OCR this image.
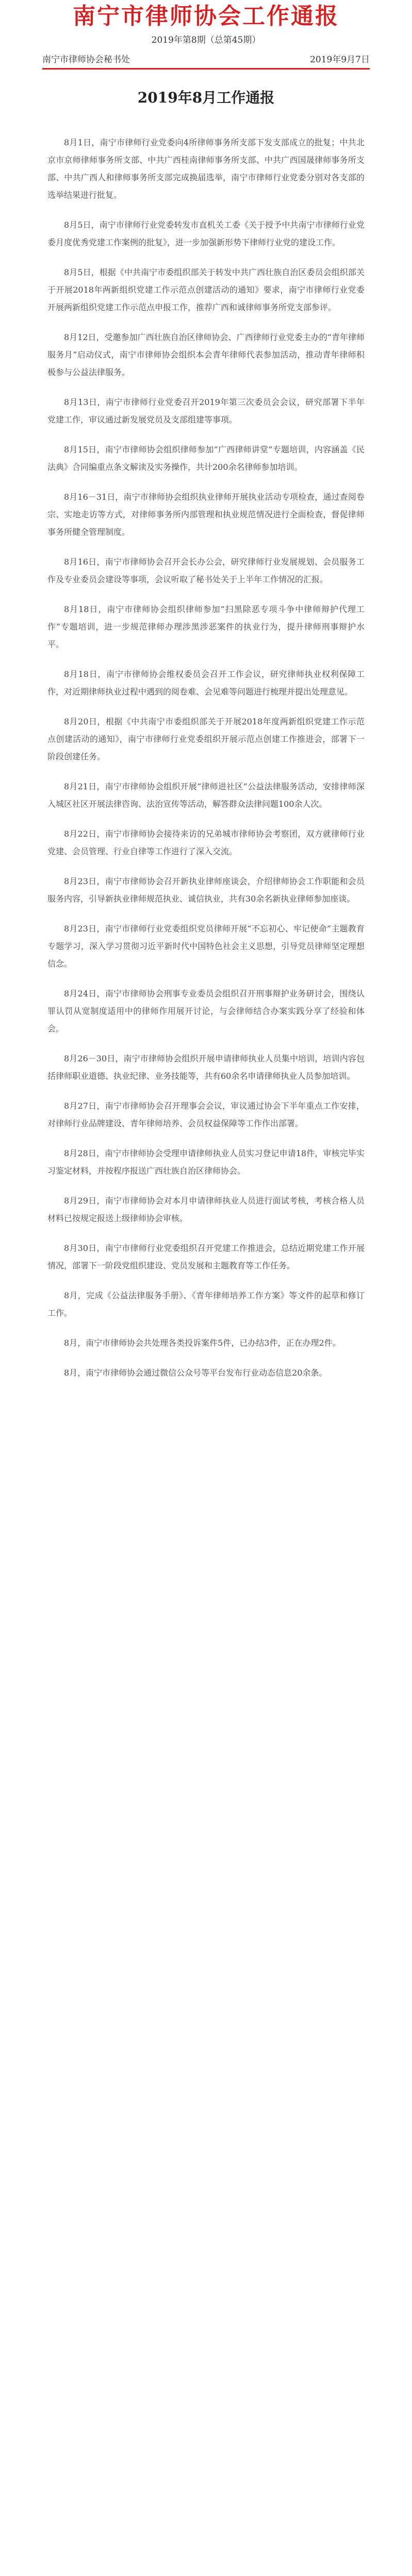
南宁市律师协会工作通报
2019年第8期（总第45期）
南宁市律师协会秘书处	2019年9月7日
2019年8月工作通报

8月1日，南宁市律师行业党委向4所律师事务所支部下发支部成立的批复；中共北京市京师律师事务所支部、中共广西桂南律师事务所支部、中共广西国晟律师事务所支部、中共广西人和律师事务所支部完成换届选举，南宁市律师行业党委分别对各支部的选举结果进行批复。

8月5日，南宁市律师行业党委转发市直机关工委《关于授予中共南宁市律师行业党委月度优秀党建工作案例的批复》，进一步加强新形势下律师行业党的建设工作。

8月5日，根据《中共南宁市委组织部关于转发中共广西壮族自治区委员会组织部关于开展2018年两新组织党建工作示范点创建活动的通知》要求，南宁市律师行业党委开展两新组织党建工作示范点申报工作，推荐广西和诚律师事务所党支部参评。

8月12日，受邀参加广西壮族自治区律师协会、广西律师行业党委主办的“青年律师服务月”启动仪式，南宁市律师协会组织本会青年律师代表参加活动，推动青年律师积极参与公益法律服务。

8月13日，南宁市律师行业党委召开2019年第三次委员会会议，研究部署下半年党建工作，审议通过新发展党员及支部组建等事项。

8月15日，南宁市律师协会组织律师参加“广西律师讲堂”专题培训，内容涵盖《民法典》合同编重点条文解读及实务操作，共计200余名律师参加培训。

8月16－31日，南宁市律师协会组织执业律师开展执业活动专项检查，通过查阅卷宗、实地走访等方式，对律师事务所内部管理和执业规范情况进行全面检查，督促律师事务所健全管理制度。

8月16日，南宁市律师协会召开会长办公会，研究律师行业发展规划、会员服务工作及专业委员会建设等事项，会议听取了秘书处关于上半年工作情况的汇报。

8月18日，南宁市律师协会组织律师参加“扫黑除恶专项斗争中律师辩护代理工作”专题培训，进一步规范律师办理涉黑涉恶案件的执业行为，提升律师刑事辩护水平。

8月18日，南宁市律师协会维权委员会召开工作会议，研究律师执业权利保障工作，对近期律师执业过程中遇到的阅卷难、会见难等问题进行梳理并提出处理意见。

8月20日，根据《中共南宁市委组织部关于开展2018年度两新组织党建工作示范点创建活动的通知》，南宁市律师行业党委组织开展示范点创建工作推进会，部署下一阶段创建任务。

8月21日，南宁市律师协会组织开展“律师进社区”公益法律服务活动，安排律师深入城区社区开展法律咨询、法治宣传等活动，解答群众法律问题100余人次。

8月22日，南宁市律师协会接待来访的兄弟城市律师协会考察团，双方就律师行业党建、会员管理、行业自律等工作进行了深入交流。

8月23日，南宁市律师协会召开新执业律师座谈会，介绍律师协会工作职能和会员服务内容，引导新执业律师规范执业、诚信执业，共有30余名新执业律师参加座谈。

8月23日，南宁市律师行业党委组织党员律师开展“不忘初心、牢记使命”主题教育专题学习，深入学习贯彻习近平新时代中国特色社会主义思想，引导党员律师坚定理想信念。

8月24日，南宁市律师协会刑事专业委员会组织召开刑事辩护业务研讨会，围绕认罪认罚从宽制度适用中的律师作用展开讨论，与会律师结合办案实践分享了经验和体会。

8月26－30日，南宁市律师协会组织开展申请律师执业人员集中培训，培训内容包括律师职业道德、执业纪律、业务技能等，共有60余名申请律师执业人员参加培训。

8月27日，南宁市律师协会召开理事会会议，审议通过协会下半年重点工作安排，对律师行业品牌建设、青年律师培养、会员权益保障等工作作出部署。

8月28日，南宁市律师协会受理申请律师执业人员实习登记申请18件，审核完毕实习鉴定材料，并按程序报送广西壮族自治区律师协会。

8月29日，南宁市律师协会对本月申请律师执业人员进行面试考核，考核合格人员材料已按规定报送上级律师协会审核。

8月30日，南宁市律师行业党委组织召开党建工作推进会，总结近期党建工作开展情况，部署下一阶段党组织建设、党员发展和主题教育等工作任务。

8月，完成《公益法律服务手册》、《青年律师培养工作方案》等文件的起草和修订工作。

8月，南宁市律师协会共处理各类投诉案件5件，已办结3件，正在办理2件。

8月，南宁市律师协会通过微信公众号等平台发布行业动态信息20余条。
